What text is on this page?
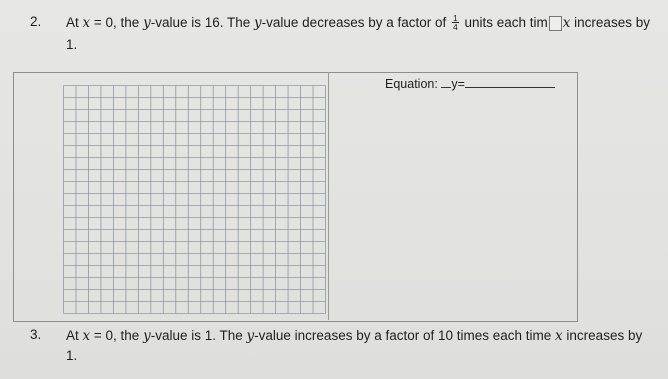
2. At x = 0, the y-value is 16. The y-value decreases by a factor of $\frac{1}{4}$ units each tim x increases by
1.
Equation: y=
3. At x = 0, the y-value is 1. The y-value increases by a factor of 10 times each time x increases by
1.
